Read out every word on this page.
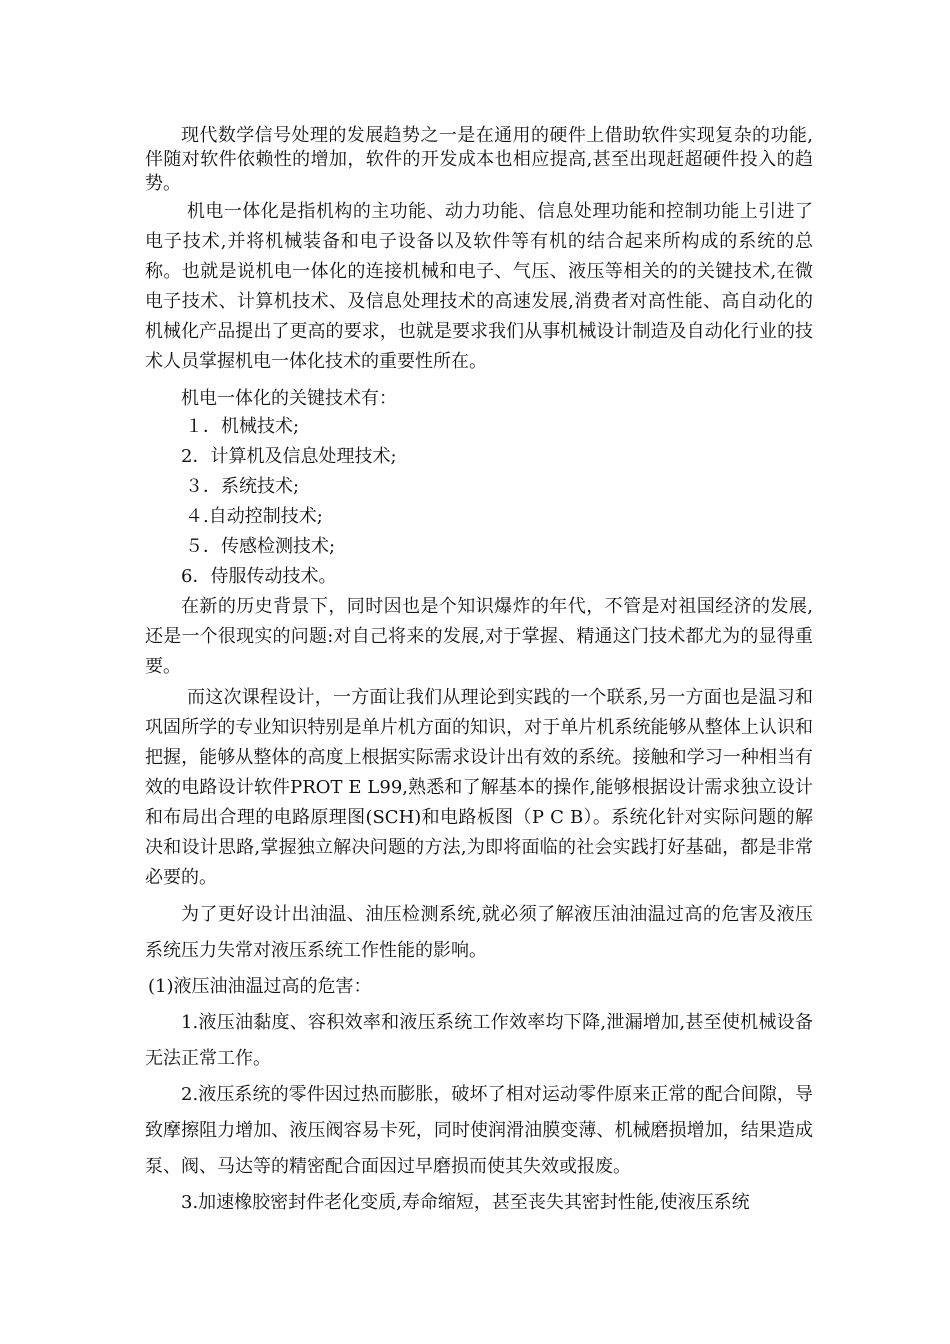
现代数学信号处理的发展趋势之一是在通用的硬件上借助软件实现复杂的功能,伴随对软件依赖性的增加，软件的开发成本也相应提高,甚至出现赶超硬件投入的趋势。

机电一体化是指机构的主功能、动力功能、信息处理功能和控制功能上引进了电子技术,并将机械装备和电子设备以及软件等有机的结合起来所构成的系统的总称。也就是说机电一体化的连接机械和电子、气压、液压等相关的的关键技术,在微电子技术、计算机技术、及信息处理技术的高速发展,消费者对高性能、高自动化的机械化产品提出了更高的要求，也就是要求我们从事机械设计制造及自动化行业的技术人员掌握机电一体化技术的重要性所在。

机电一体化的关键技术有：

１．机械技术;
2．计算机及信息处理技术;
３．系统技术;
４.自动控制技术;
５．传感检测技术;
6．侍服传动技术。

在新的历史背景下，同时因也是个知识爆炸的年代，不管是对祖国经济的发展,还是一个很现实的问题:对自己将来的发展,对于掌握、精通这门技术都尤为的显得重要。

而这次课程设计，一方面让我们从理论到实践的一个联系,另一方面也是温习和巩固所学的专业知识特别是单片机方面的知识，对于单片机系统能够从整体上认识和把握，能够从整体的高度上根据实际需求设计出有效的系统。接触和学习一种相当有效的电路设计软件PROT E L99,熟悉和了解基本的操作,能够根据设计需求独立设计和布局出合理的电路原理图(SCH)和电路板图（P C B）。系统化针对实际问题的解决和设计思路,掌握独立解决问题的方法,为即将面临的社会实践打好基础，都是非常必要的。

为了更好设计出油温、油压检测系统,就必须了解液压油油温过高的危害及液压系统压力失常对液压系统工作性能的影响。

(1)液压油油温过高的危害：

1.液压油黏度、容积效率和液压系统工作效率均下降,泄漏增加,甚至使机械设备无法正常工作。

2.液压系统的零件因过热而膨胀，破坏了相对运动零件原来正常的配合间隙，导致摩擦阻力增加、液压阀容易卡死，同时使润滑油膜变薄、机械磨损增加，结果造成泵、阀、马达等的精密配合面因过早磨损而使其失效或报废。

3.加速橡胶密封件老化变质,寿命缩短，甚至丧失其密封性能,使液压系统
